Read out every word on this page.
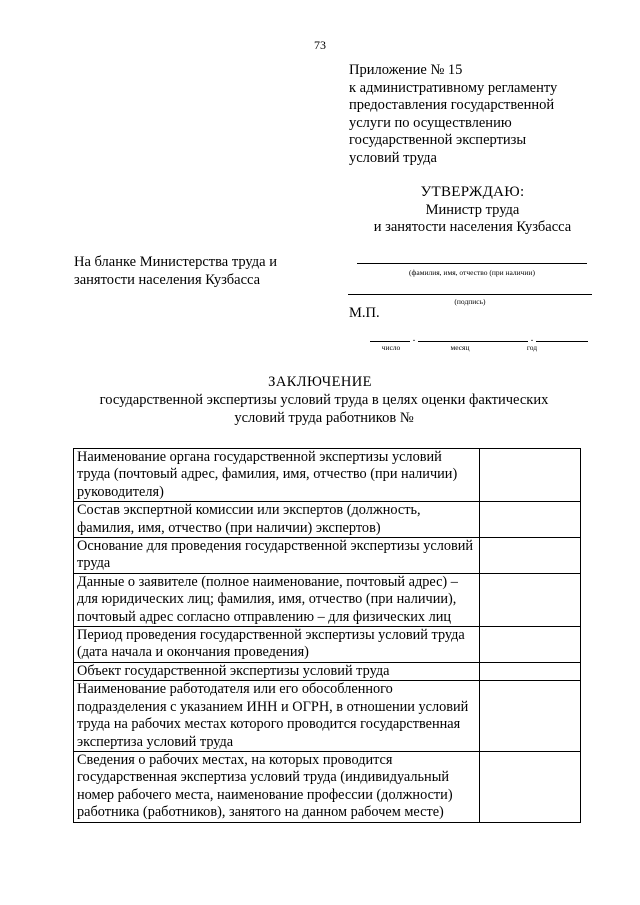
73
Приложение № 15
к административному регламенту
предоставления государственной
услуги по осуществлению
государственной экспертизы
условий труда
УТВЕРЖДАЮ:
Министр труда
и занятости населения Кузбасса
На бланке Министерства труда и
занятости населения Кузбасса	(фамилия, имя, отчество (при наличии)
(подпись)
М.П.
.	.
число	месяц	год
ЗАКЛЮЧЕНИЕ
государственной экспертизы условий труда в целях оценки фактических
условий труда работников №
Наименование органа государственной экспертизы условий труда (почтовый адрес, фамилия, имя, отчество (при наличии) руководителя)	
Состав экспертной комиссии или экспертов (должность, фамилия, имя, отчество (при наличии) экспертов)	
Основание для проведения государственной экспертизы условий труда	
Данные о заявителе (полное наименование, почтовый адрес) – для юридических лиц; фамилия, имя, отчество (при наличии), почтовый адрес согласно отправлению – для физических лиц	
Период проведения государственной экспертизы условий труда (дата начала и окончания проведения)	
Объект государственной экспертизы условий труда	
Наименование работодателя или его обособленного подразделения с указанием ИНН и ОГРН, в отношении условий труда на рабочих местах которого проводится государственная экспертиза условий труда	
Сведения о рабочих местах, на которых проводится государственная экспертиза условий труда (индивидуальный номер рабочего места, наименование профессии (должности) работника (работников), занятого на данном рабочем месте)	
